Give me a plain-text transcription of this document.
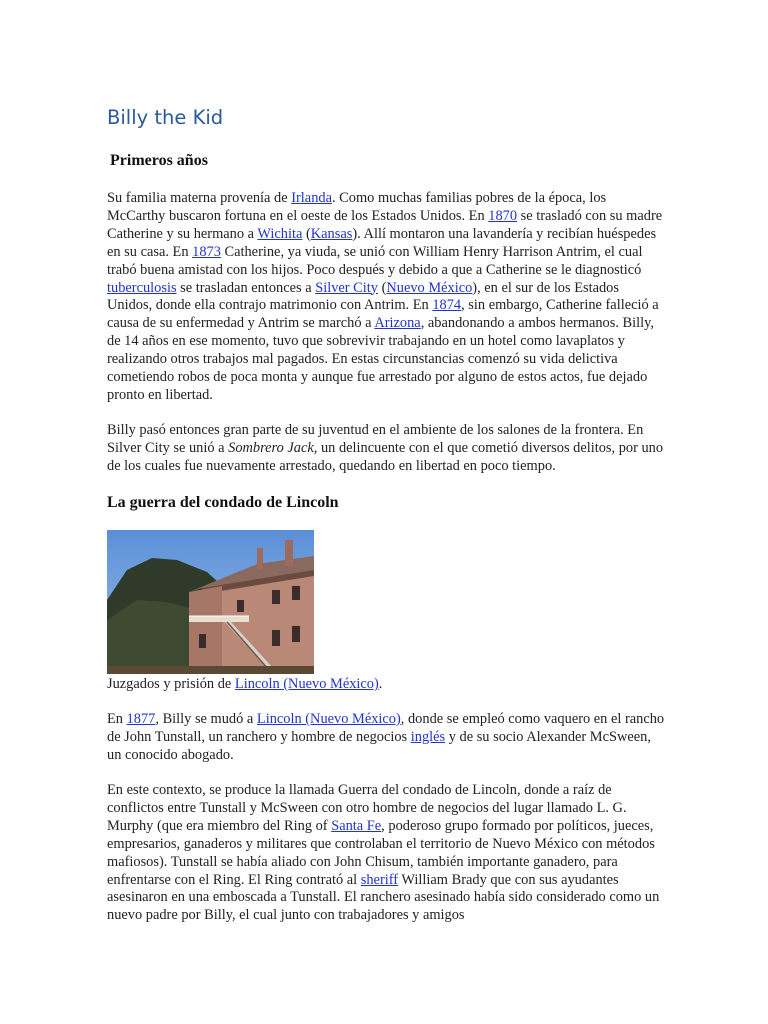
Billy the Kid
Primeros años

Su familia materna provenía de Irlanda. Como muchas familias pobres de la época, los McCarthy buscaron fortuna en el oeste de los Estados Unidos. En 1870 se trasladó con su madre Catherine y su hermano a Wichita (Kansas). Allí montaron una lavandería y recibían huéspedes en su casa. En 1873 Catherine, ya viuda, se unió con William Henry Harrison Antrim, el cual trabó buena amistad con los hijos. Poco después y debido a que a Catherine se le diagnosticó tuberculosis se trasladan entonces a Silver City (Nuevo México), en el sur de los Estados Unidos, donde ella contrajo matrimonio con Antrim. En 1874, sin embargo, Catherine falleció a causa de su enfermedad y Antrim se marchó a Arizona, abandonando a ambos hermanos. Billy, de 14 años en ese momento, tuvo que sobrevivir trabajando en un hotel como lavaplatos y realizando otros trabajos mal pagados. En estas circunstancias comenzó su vida delictiva cometiendo robos de poca monta y aunque fue arrestado por alguno de estos actos, fue dejado pronto en libertad.

Billy pasó entonces gran parte de su juventud en el ambiente de los salones de la frontera. En Silver City se unió a Sombrero Jack, un delincuente con el que cometió diversos delitos, por uno de los cuales fue nuevamente arrestado, quedando en libertad en poco tiempo.

La guerra del condado de Lincoln
Juzgados y prisión de Lincoln (Nuevo México).

En 1877, Billy se mudó a Lincoln (Nuevo México), donde se empleó como vaquero en el rancho de John Tunstall, un ranchero y hombre de negocios inglés y de su socio Alexander McSween, un conocido abogado.

En este contexto, se produce la llamada Guerra del condado de Lincoln, donde a raíz de conflictos entre Tunstall y McSween con otro hombre de negocios del lugar llamado L. G. Murphy (que era miembro del Ring of Santa Fe, poderoso grupo formado por políticos, jueces, empresarios, ganaderos y militares que controlaban el territorio de Nuevo México con métodos mafiosos). Tunstall se había aliado con John Chisum, también importante ganadero, para enfrentarse con el Ring. El Ring contrató al sheriff William Brady que con sus ayudantes asesinaron en una emboscada a Tunstall. El ranchero asesinado había sido considerado como un nuevo padre por Billy, el cual junto con trabajadores y amigos
